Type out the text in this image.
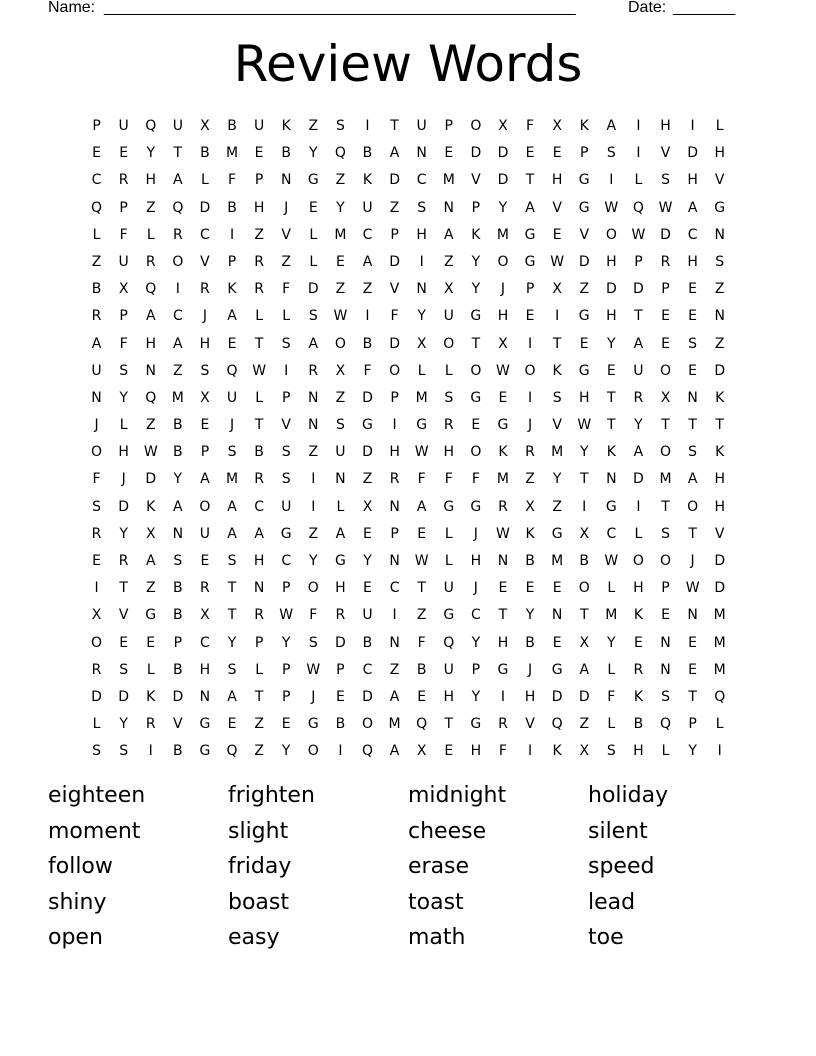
Name: _____________________________________________________	Date: _______
Review Words
P	U	Q	U	X	B	U	K	Z	S	I	T	U	P	O	X	F	X	K	A	I	H	I	L
E	E	Y	T	B	M	E	B	Y	Q	B	A	N	E	D	D	E	E	P	S	I	V	D	H
C	R	H	A	L	F	P	N	G	Z	K	D	C	M	V	D	T	H	G	I	L	S	H	V
Q	P	Z	Q	D	B	H	J	E	Y	U	Z	S	N	P	Y	A	V	G	W	Q	W	A	G
L	F	L	R	C	I	Z	V	L	M	C	P	H	A	K	M	G	E	V	O	W	D	C	N
Z	U	R	O	V	P	R	Z	L	E	A	D	I	Z	Y	O	G	W	D	H	P	R	H	S
B	X	Q	I	R	K	R	F	D	Z	Z	V	N	X	Y	J	P	X	Z	D	D	P	E	Z
R	P	A	C	J	A	L	L	S	W	I	F	Y	U	G	H	E	I	G	H	T	E	E	N
A	F	H	A	H	E	T	S	A	O	B	D	X	O	T	X	I	T	E	Y	A	E	S	Z
U	S	N	Z	S	Q	W	I	R	X	F	O	L	L	O	W	O	K	G	E	U	O	E	D
N	Y	Q	M	X	U	L	P	N	Z	D	P	M	S	G	E	I	S	H	T	R	X	N	K
J	L	Z	B	E	J	T	V	N	S	G	I	G	R	E	G	J	V	W	T	Y	T	T	T
O	H	W	B	P	S	B	S	Z	U	D	H	W	H	O	K	R	M	Y	K	A	O	S	K
F	J	D	Y	A	M	R	S	I	N	Z	R	F	F	F	M	Z	Y	T	N	D	M	A	H
S	D	K	A	O	A	C	U	I	L	X	N	A	G	G	R	X	Z	I	G	I	T	O	H
R	Y	X	N	U	A	A	G	Z	A	E	P	E	L	J	W	K	G	X	C	L	S	T	V
E	R	A	S	E	S	H	C	Y	G	Y	N	W	L	H	N	B	M	B	W	O	O	J	D
I	T	Z	B	R	T	N	P	O	H	E	C	T	U	J	E	E	E	O	L	H	P	W	D
X	V	G	B	X	T	R	W	F	R	U	I	Z	G	C	T	Y	N	T	M	K	E	N	M
O	E	E	P	C	Y	P	Y	S	D	B	N	F	Q	Y	H	B	E	X	Y	E	N	E	M
R	S	L	B	H	S	L	P	W	P	C	Z	B	U	P	G	J	G	A	L	R	N	E	M
D	D	K	D	N	A	T	P	J	E	D	A	E	H	Y	I	H	D	D	F	K	S	T	Q
L	Y	R	V	G	E	Z	E	G	B	O	M	Q	T	G	R	V	Q	Z	L	B	Q	P	L
S	S	I	B	G	Q	Z	Y	O	I	Q	A	X	E	H	F	I	K	X	S	H	L	Y	I
eighteen	frighten	midnight	holiday
moment	slight	cheese	silent
follow	friday	erase	speed
shiny	boast	toast	lead
open	easy	math	toe
